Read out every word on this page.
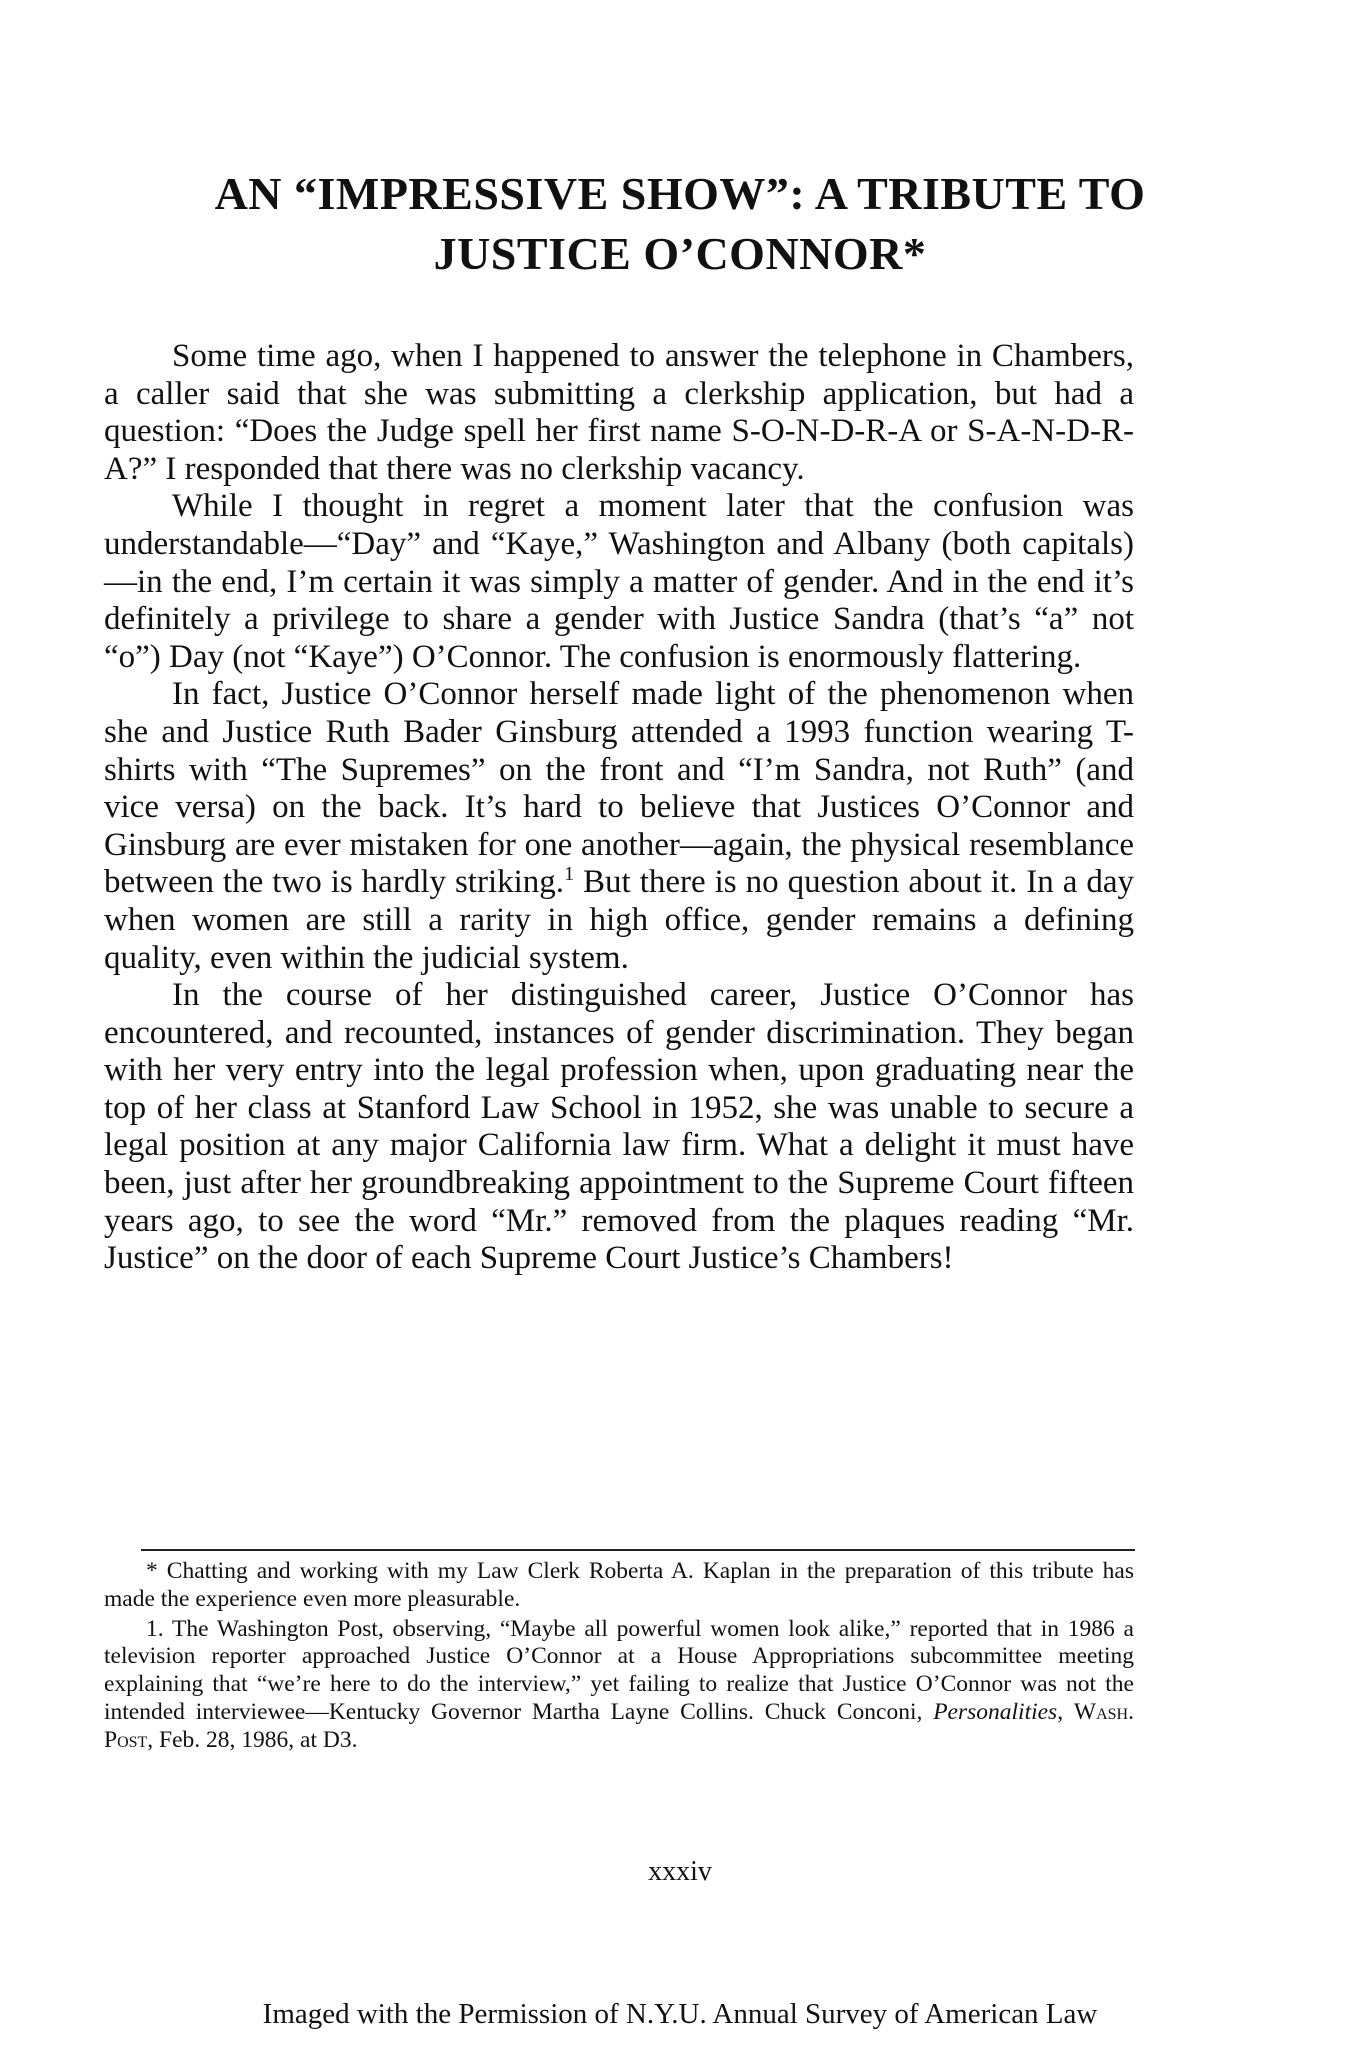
AN “IMPRESSIVE SHOW”: A TRIBUTE TO
JUSTICE O’CONNOR*

Some time ago, when I happened to answer the telephone in Chambers, a caller said that she was submitting a clerkship application, but had a question: “Does the Judge spell her first name S-O-N-D-R-A or S-A-N-D-R-A?” I responded that there was no clerkship vacancy.

While I thought in regret a moment later that the confusion was understandable—“Day” and “Kaye,” Washington and Albany (both capitals)—in the end, I’m certain it was simply a matter of gender. And in the end it’s definitely a privilege to share a gender with Justice Sandra (that’s “a” not “o”) Day (not “Kaye”) O’Connor. The confusion is enormously flattering.

In fact, Justice O’Connor herself made light of the phenomenon when she and Justice Ruth Bader Ginsburg attended a 1993 function wearing T-shirts with “The Supremes” on the front and “I’m Sandra, not Ruth” (and vice versa) on the back. It’s hard to believe that Justices O’Connor and Ginsburg are ever mistaken for one another—again, the physical resemblance between the two is hardly striking.$^1$ But there is no question about it. In a day when women are still a rarity in high office, gender remains a defining quality, even within the judicial system.

In the course of her distinguished career, Justice O’Connor has encountered, and recounted, instances of gender discrimination. They began with her very entry into the legal profession when, upon graduating near the top of her class at Stanford Law School in 1952, she was unable to secure a legal position at any major California law firm. What a delight it must have been, just after her groundbreaking appointment to the Supreme Court fifteen years ago, to see the word “Mr.” removed from the plaques reading “Mr. Justice” on the door of each Supreme Court Justice’s Chambers!

* Chatting and working with my Law Clerk Roberta A. Kaplan in the preparation of this tribute has made the experience even more pleasurable.

1. The Washington Post, observing, “Maybe all powerful women look alike,” reported that in 1986 a television reporter approached Justice O’Connor at a House Appropriations subcommittee meeting explaining that “we’re here to do the interview,” yet failing to realize that Justice O’Connor was not the intended interviewee—Kentucky Governor Martha Layne Collins. Chuck Conconi, Personalities, Wash. Post, Feb. 28, 1986, at D3.

xxxiv
Imaged with the Permission of N.Y.U. Annual Survey of American Law
